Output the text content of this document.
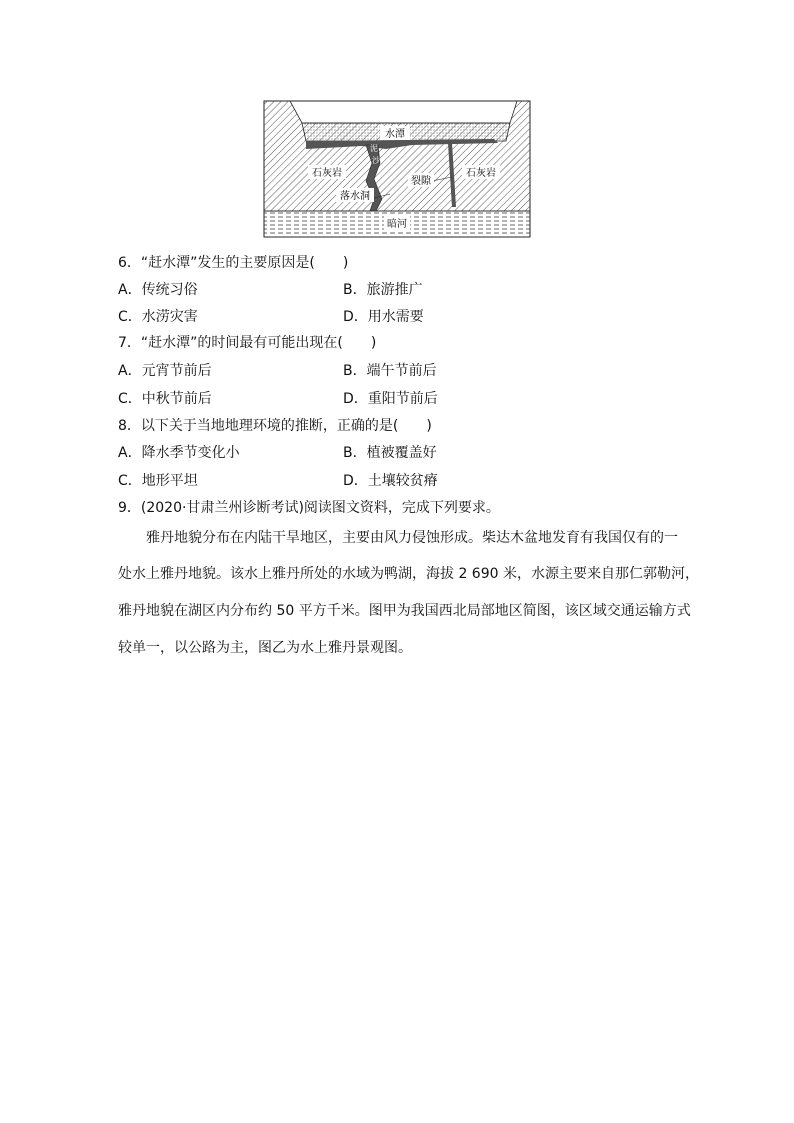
水潭
泥
沙
石灰岩	石灰岩
裂隙
落水洞
暗河
6．“赶水潭”发生的主要原因是(　　)
A．传统习俗	B．旅游推广
C．水涝灾害	D．用水需要
7．“赶水潭”的时间最有可能出现在(　　)
A．元宵节前后	B．端午节前后
C．中秋节前后	D．重阳节前后
8．以下关于当地地理环境的推断，正确的是(　　)
A．降水季节变化小	B．植被覆盖好
C．地形平坦	D．土壤较贫瘠
9．(2020·甘肃兰州诊断考试)阅读图文资料，完成下列要求。
雅丹地貌分布在内陆干旱地区，主要由风力侵蚀形成。柴达木盆地发育有我国仅有的一
处水上雅丹地貌。该水上雅丹所处的水域为鸭湖，海拔 2 690 米，水源主要来自那仁郭勒河，
雅丹地貌在湖区内分布约 50 平方千米。图甲为我国西北局部地区简图，该区域交通运输方式
较单一，以公路为主，图乙为水上雅丹景观图。
